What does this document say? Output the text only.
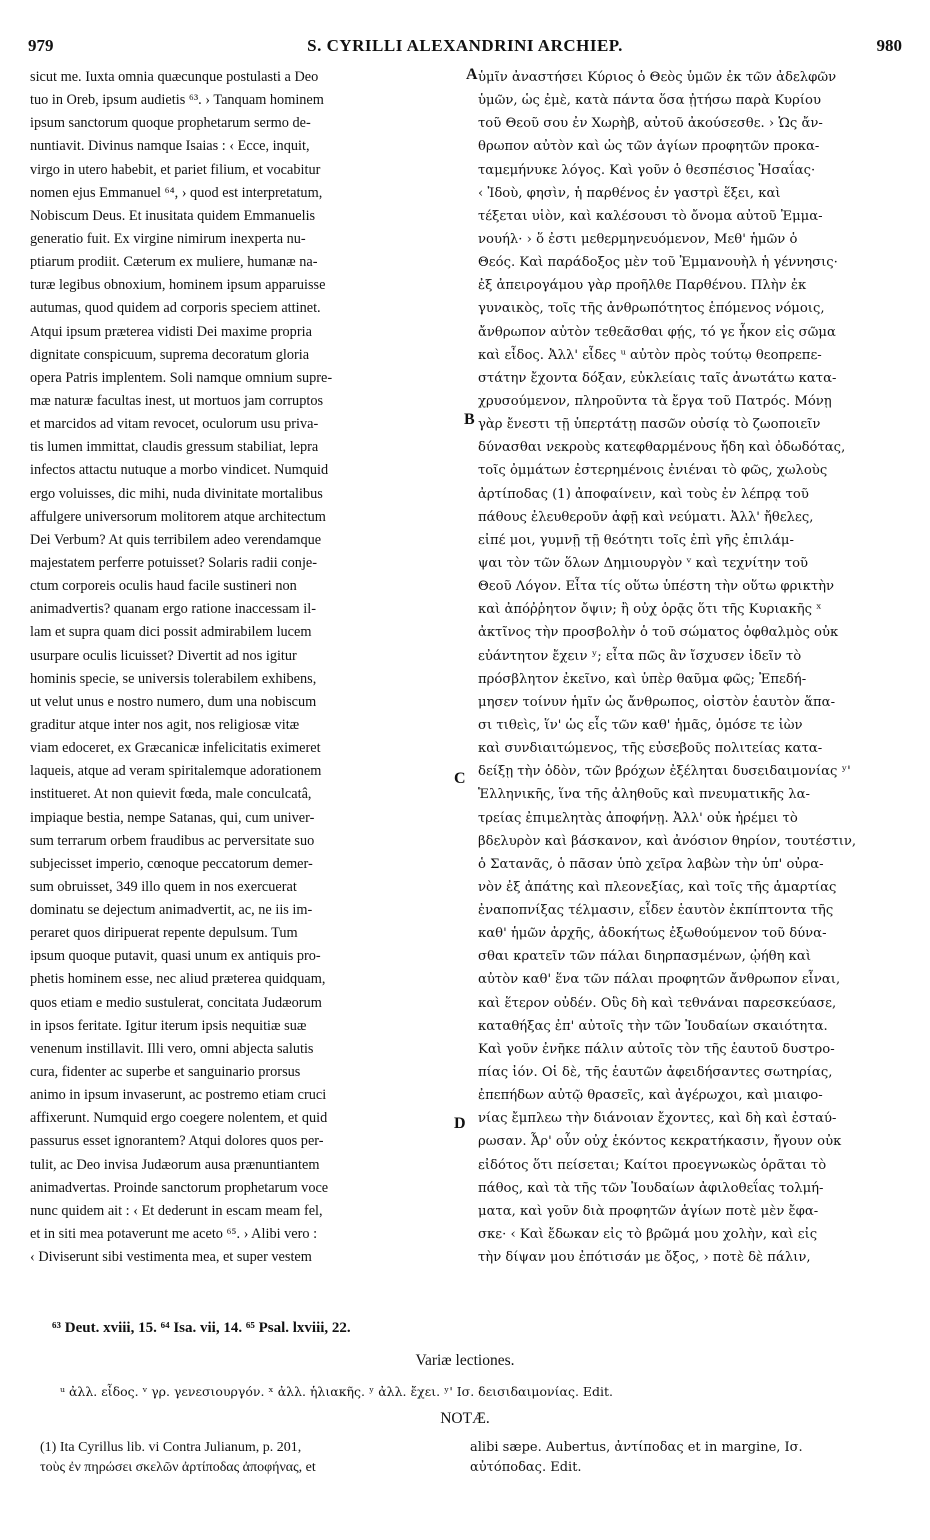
979	S. CYRILLI ALEXANDRINI ARCHIEP.	980
sicut me. Iuxta omnia quæcunque postulasti a Deo
tuo in Oreb, ipsum audietis ⁶³. › Tanquam hominem
ipsum sanctorum quoque prophetarum sermo de-
nuntiavit. Divinus namque Isaias : ‹ Ecce, inquit,
virgo in utero habebit, et pariet filium, et vocabitur
nomen ejus Emmanuel ⁶⁴, › quod est interpretatum,
Nobiscum Deus. Et inusitata quidem Emmanuelis
generatio fuit. Ex virgine nimirum inexperta nu-
ptiarum prodiit. Cæterum ex muliere, humanæ na-
turæ legibus obnoxium, hominem ipsum apparuisse
autumas, quod quidem ad corporis speciem attinet.
Atqui ipsum præterea vidisti Dei maxime propria
dignitate conspicuum, suprema decoratum gloria
opera Patris implentem. Soli namque omnium supre-
mæ naturæ facultas inest, ut mortuos jam corruptos
et marcidos ad vitam revocet, oculorum usu priva-
tis lumen immittat, claudis gressum stabiliat, lepra
infectos attactu nutuque a morbo vindicet. Numquid
ergo voluisses, dic mihi, nuda divinitate mortalibus
affulgere universorum molitorem atque architectum
Dei Verbum? At quis terribilem adeo verendamque
majestatem perferre potuisset? Solaris radii conje-
ctum corporeis oculis haud facile sustineri non
animadvertis? quanam ergo ratione inaccessam il-
lam et supra quam dici possit admirabilem lucem
usurpare oculis licuisset? Divertit ad nos igitur
hominis specie, se universis tolerabilem exhibens,
ut velut unus e nostro numero, dum una nobiscum
graditur atque inter nos agit, nos religiosæ vitæ
viam edoceret, ex Græcanicæ infelicitatis eximeret
laqueis, atque ad veram spiritalemque adorationem
institueret. At non quievit fœda, male conculcatâ,
impiaque bestia, nempe Satanas, qui, cum univer-
sum terrarum orbem fraudibus ac perversitate suo
subjecisset imperio, cœnoque peccatorum demer-
sum obruisset, 349 illo quem in nos exercuerat
dominatu se dejectum animadvertit, ac, ne iis im-
peraret quos diripuerat repente depulsum. Tum
ipsum quoque putavit, quasi unum ex antiquis pro-
phetis hominem esse, nec aliud præterea quidquam,
quos etiam e medio sustulerat, concitata Judæorum
in ipsos feritate. Igitur iterum ipsis nequitiæ suæ
venenum instillavit. Illi vero, omni abjecta salutis
cura, fidenter ac superbe et sanguinario prorsus
animo in ipsum invaserunt, ac postremo etiam cruci
affixerunt. Numquid ergo coegere nolentem, et quid
passurus esset ignorantem? Atqui dolores quos per-
tulit, ac Deo invisa Judæorum ausa prænuntiantem
animadvertas. Proinde sanctorum prophetarum voce
nunc quidem ait : ‹ Et dederunt in escam meam fel,
et in siti mea potaverunt me aceto ⁶⁵. › Alibi vero :
‹ Diviserunt sibi vestimenta mea, et super vestem
ὑμῖν ἀναστήσει Κύριος ὁ Θεὸς ὑμῶν ἐκ τῶν ἀδελφῶν
ὑμῶν, ὡς ἐμὲ, κατὰ πάντα ὅσα ᾐτήσω παρὰ Κυρίου
τοῦ Θεοῦ σου ἐν Χωρὴβ, αὐτοῦ ἀκούσεσθε. › Ὡς ἄν-
θρωπον αὐτὸν καὶ ὡς τῶν ἁγίων προφητῶν προκα-
ταμεμήνυκε λόγος. Καὶ γοῦν ὁ θεσπέσιος Ἡσαΐας·
‹ Ἰδοὺ, φησὶν, ἡ παρθένος ἐν γαστρὶ ἕξει, καὶ
τέξεται υἱὸν, καὶ καλέσουσι τὸ ὄνομα αὐτοῦ Ἐμμα-
νουήλ· › ὅ ἐστι μεθερμηνευόμενον, Μεθ' ἡμῶν ὁ
Θεός. Καὶ παράδοξος μὲν τοῦ Ἐμμανουὴλ ἡ γέννησις·
ἐξ ἀπειρογάμου γὰρ προῆλθε Παρθένου. Πλὴν ἐκ
γυναικὸς, τοῖς τῆς ἀνθρωπότητος ἑπόμενος νόμοις,
ἄνθρωπον αὐτὸν τεθεᾶσθαι φῄς, τό γε ἧκον εἰς σῶμα
καὶ εἶδος. Ἀλλ' εἶδες ᵘ αὐτὸν πρὸς τούτῳ θεοπρεπε-
στάτην ἔχοντα δόξαν, εὐκλείαις ταῖς ἀνωτάτω κατα-
χρυσούμενον, πληροῦντα τὰ ἔργα τοῦ Πατρός. Μόνῃ
γὰρ ἔνεστι τῇ ὑπερτάτῃ πασῶν οὐσίᾳ τὸ ζωοποιεῖν
δύνασθαι νεκροὺς κατεφθαρμένους ἤδη καὶ ὀδωδότας,
τοῖς ὀμμάτων ἐστερημένοις ἐνιέναι τὸ φῶς, χωλοὺς
ἀρτίποδας (1) ἀποφαίνειν, καὶ τοὺς ἐν λέπρᾳ τοῦ
πάθους ἐλευθεροῦν ἁφῇ καὶ νεύματι. Ἀλλ' ἤθελες,
εἰπέ μοι, γυμνῇ τῇ θεότητι τοῖς ἐπὶ γῆς ἐπιλάμ-
ψαι τὸν τῶν ὅλων Δημιουργὸν ᵛ καὶ τεχνίτην τοῦ
Θεοῦ Λόγον. Εἶτα τίς οὕτω ὑπέστη τὴν οὕτω φρικτὴν
καὶ ἀπόῤῥητον ὄψιν; ἢ οὐχ ὁρᾷς ὅτι τῆς Κυριακῆς ˣ
ἀκτῖνος τὴν προσβολὴν ὁ τοῦ σώματος ὀφθαλμὸς οὐκ
εὐάντητον ἔχειν ʸ; εἶτα πῶς ἂν ἴσχυσεν ἰδεῖν τὸ
πρόσβλητον ἐκεῖνο, καὶ ὑπὲρ θαῦμα φῶς; Ἐπεδή-
μησεν τοίνυν ἡμῖν ὡς ἄνθρωπος, οἰστὸν ἑαυτὸν ἅπα-
σι τιθεὶς, ἵν' ὡς εἷς τῶν καθ' ἡμᾶς, ὁμόσε τε ἰὼν
καὶ συνδιαιτώμενος, τῆς εὐσεβοῦς πολιτείας κατα-
δείξῃ τὴν ὁδὸν, τῶν βρόχων ἐξέληται δυσειδαιμονίας ʸ'
Ἑλληνικῆς, ἵνα τῆς ἀληθοῦς καὶ πνευματικῆς λα-
τρείας ἐπιμελητὰς ἀποφήνῃ. Ἀλλ' οὐκ ἠρέμει τὸ
βδελυρὸν καὶ βάσκανον, καὶ ἀνόσιον θηρίον, τουτέστιν,
ὁ Σατανᾶς, ὁ πᾶσαν ὑπὸ χεῖρα λαβὼν τὴν ὑπ' οὐρα-
νὸν ἐξ ἀπάτης καὶ πλεονεξίας, καὶ τοῖς τῆς ἁμαρτίας
ἐναποπνίξας τέλμασιν, εἶδεν ἑαυτὸν ἐκπίπτοντα τῆς
καθ' ἡμῶν ἀρχῆς, ἀδοκήτως ἐξωθούμενον τοῦ δύνα-
σθαι κρατεῖν τῶν πάλαι διηρπασμένων, ᾠήθη καὶ
αὐτὸν καθ' ἕνα τῶν πάλαι προφητῶν ἄνθρωπον εἶναι,
καὶ ἕτερον οὐδέν. Οὓς δὴ καὶ τεθνάναι παρεσκεύασε,
καταθήξας ἐπ' αὐτοῖς τὴν τῶν Ἰουδαίων σκαιότητα.
Καὶ γοῦν ἐνῆκε πάλιν αὐτοῖς τὸν τῆς ἑαυτοῦ δυστρο-
πίας ἰόν. Οἱ δὲ, τῆς ἑαυτῶν ἀφειδήσαντες σωτηρίας,
ἐπεπήδων αὐτῷ θρασεῖς, καὶ ἀγέρωχοι, καὶ μιαιφο-
νίας ἔμπλεω τὴν διάνοιαν ἔχοντες, καὶ δὴ καὶ ἐσταύ-
ρωσαν. Ἆρ' οὖν οὐχ ἑκόντος κεκρατήκασιν, ἤγουν οὐκ
εἰδότος ὅτι πείσεται; Καίτοι προεγνωκὼς ὁρᾶται τὸ
πάθος, καὶ τὰ τῆς τῶν Ἰουδαίων ἀφιλοθεΐας τολμή-
ματα, καὶ γοῦν διὰ προφητῶν ἁγίων ποτὲ μὲν ἔφα-
σκε· ‹ Καὶ ἔδωκαν εἰς τὸ βρῶμά μου χολὴν, καὶ εἰς
τὴν δίψαν μου ἐπότισάν με ὄξος, › ποτὲ δὲ πάλιν,
A
B
C
D
⁶³ Deut. xviii, 15. ⁶⁴ Isa. vii, 14. ⁶⁵ Psal. lxviii, 22.
Variæ lectiones.
ᵘ ἀλλ. εἶδος. ᵛ γρ. γενεσιουργόν. ˣ ἀλλ. ἡλιακῆς. ʸ ἀλλ. ἔχει. ʸ' Ισ. δεισιδαιμονίας. Edit.
NOTÆ.
(1) Ita Cyrillus lib. vi Contra Julianum, p. 201,
τοὺς ἐν πηρώσει σκελῶν ἀρτίποδας ἀποφήνας, et
alibi sæpe. Aubertus, ἀντίποδας et in margine, Ισ.
αὐτόποδας. Edit.
